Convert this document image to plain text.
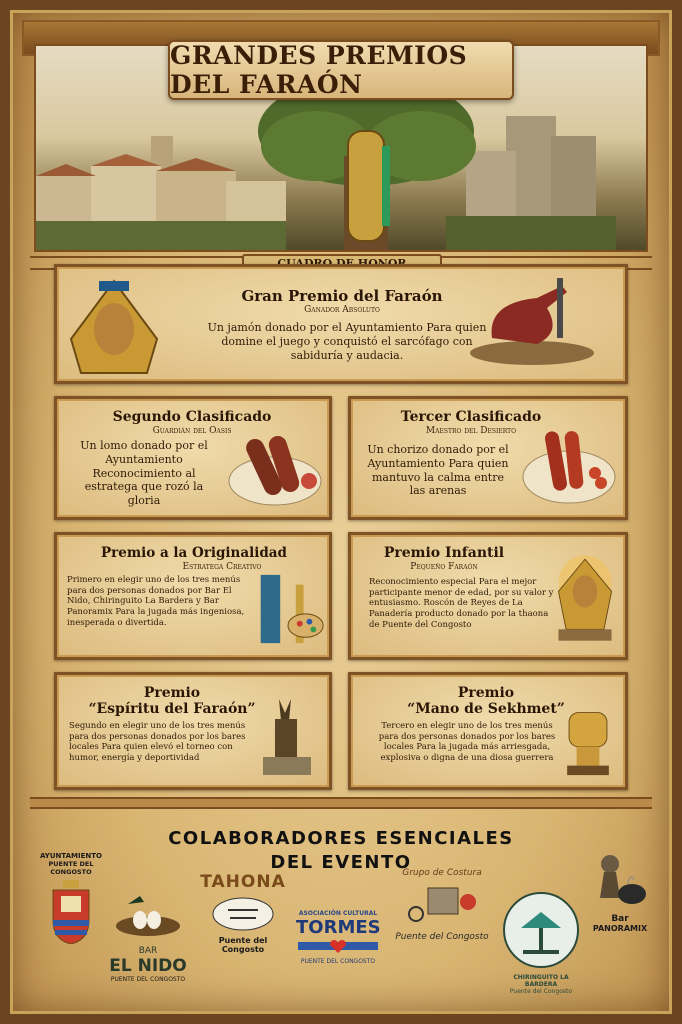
GRANDES PREMIOS DEL FARAÓN
Gran Premio del Faraón
Ganador Absoluto
Un jamón donado por el Ayuntamiento Para quien domine el juego y conquistó el sarcófago con sabiduría y audacia.
Segundo Clasificado
Guardián del Oasis
Un lomo donado por el Ayuntamiento Reconocimiento al estratega que rozó la gloria
Tercer Clasificado
Maestro del Desierto
Un chorizo donado por el Ayuntamiento Para quien mantuvo la calma entre las arenas
Premio a la Originalidad
Estratega Creativo
Primero en elegir uno de los tres menús para dos personas donados por Bar El Nido, Chiringuito La Bardera y Bar Panoramix Para la jugada más ingeniosa, inesperada o divertida.
Premio Infantil
Pequeño Faraón
Reconocimiento especial Para el mejor participante menor de edad, por su valor y entusiasmo. Roscón de Reyes de La Panadería producto donado por la thaona de Puente del Congosto
Premio
“Espíritu del Faraón”
Segundo en elegir uno de los tres menús para dos personas donados por los bares locales Para quien elevó el torneo con humor, energía y deportividad
Premio
“Mano de Sekhmet”
Tercero en elegir uno de los tres menús para dos personas donados por los bares locales Para la jugada más arriesgada, explosiva o digna de una diosa guerrera
COLABORADORES ESENCIALES
DEL EVENTO
AYUNTAMIENTO
PUENTE DEL CONGOSTO
BAR
EL NIDO
PUENTE DEL CONGOSTO
TAHONA
Puente del Congosto
ASOCIACIÓN CULTURAL
TORMES
PUENTE DEL CONGOSTO
Grupo de Costura
Puente del Congosto
CHIRINGUITO LA BARDERA
Puente del Congosto
Bar
PANORAMIX
